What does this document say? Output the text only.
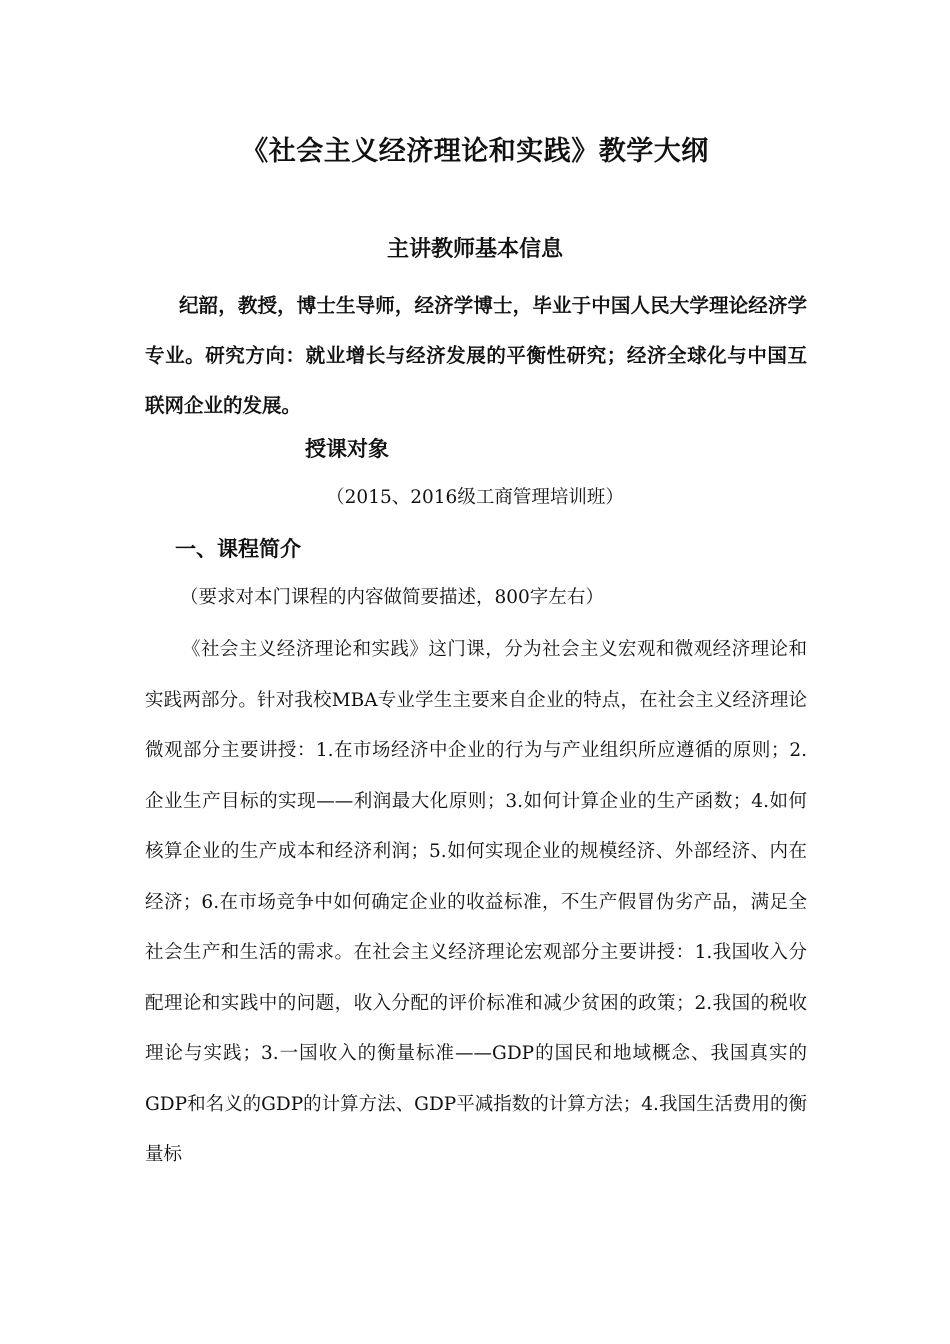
《社会主义经济理论和实践》教学大纲
主讲教师基本信息
纪韶，教授，博士生导师，经济学博士，毕业于中国人民大学理论经济学专业。研究方向：就业增长与经济发展的平衡性研究；经济全球化与中国互联网企业的发展。
授课对象
（2015、2016级工商管理培训班）
一、课程简介
（要求对本门课程的内容做简要描述，800字左右）
《社会主义经济理论和实践》这门课，分为社会主义宏观和微观经济理论和实践两部分。针对我校MBA专业学生主要来自企业的特点，在社会主义经济理论微观部分主要讲授：1.在市场经济中企业的行为与产业组织所应遵循的原则；2.企业生产目标的实现——利润最大化原则；3.如何计算企业的生产函数；4.如何核算企业的生产成本和经济利润；5.如何实现企业的规模经济、外部经济、内在经济；6.在市场竞争中如何确定企业的收益标准，不生产假冒伪劣产品，满足全社会生产和生活的需求。在社会主义经济理论宏观部分主要讲授：1.我国收入分配理论和实践中的问题，收入分配的评价标准和减少贫困的政策；2.我国的税收理论与实践；3.一国收入的衡量标准——GDP的国民和地域概念、我国真实的GDP和名义的GDP的计算方法、GDP平减指数的计算方法；4.我国生活费用的衡量标
